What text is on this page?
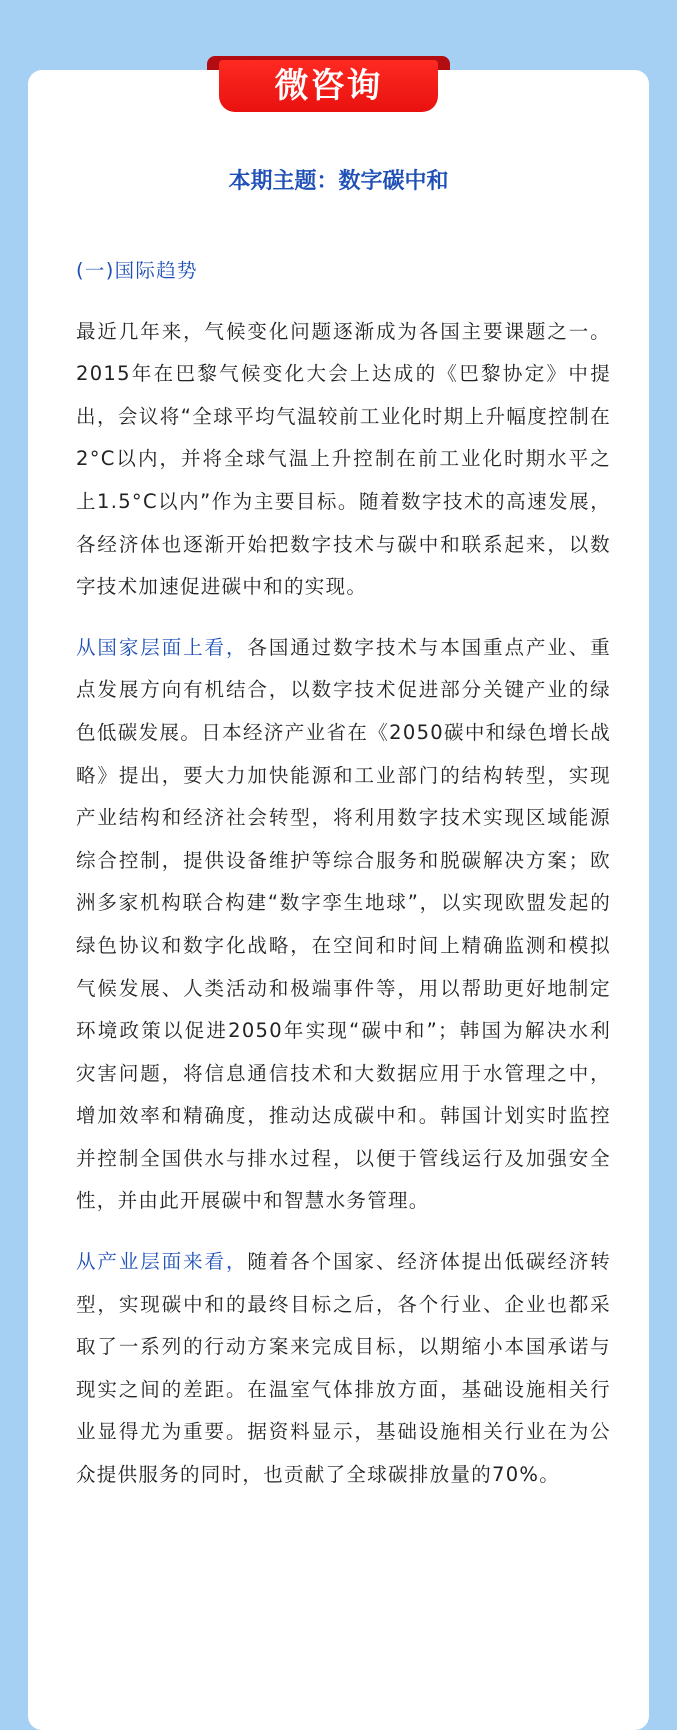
微咨询
本期主题：数字碳中和

(一)国际趋势

最近几年来，气候变化问题逐渐成为各国主要课题之一。2015年在巴黎气候变化大会上达成的《巴黎协定》中提出，会议将“全球平均气温较前工业化时期上升幅度控制在2°C以内，并将全球气温上升控制在前工业化时期水平之上1.5°C以内”作为主要目标。随着数字技术的高速发展，各经济体也逐渐开始把数字技术与碳中和联系起来，以数字技术加速促进碳中和的实现。

从国家层面上看，各国通过数字技术与本国重点产业、重点发展方向有机结合，以数字技术促进部分关键产业的绿色低碳发展。日本经济产业省在《2050碳中和绿色增长战略》提出，要大力加快能源和工业部门的结构转型，实现产业结构和经济社会转型，将利用数字技术实现区域能源综合控制，提供设备维护等综合服务和脱碳解决方案；欧洲多家机构联合构建“数字孪生地球”，以实现欧盟发起的绿色协议和数字化战略，在空间和时间上精确监测和模拟气候发展、人类活动和极端事件等，用以帮助更好地制定环境政策以促进2050年实现“碳中和”；韩国为解决水利灾害问题，将信息通信技术和大数据应用于水管理之中，增加效率和精确度，推动达成碳中和。韩国计划实时监控并控制全国供水与排水过程，以便于管线运行及加强安全性，并由此开展碳中和智慧水务管理。

从产业层面来看，随着各个国家、经济体提出低碳经济转型，实现碳中和的最终目标之后，各个行业、企业也都采取了一系列的行动方案来完成目标，以期缩小本国承诺与现实之间的差距。在温室气体排放方面，基础设施相关行业显得尤为重要。据资料显示，基础设施相关行业在为公众提供服务的同时，也贡献了全球碳排放量的70%。
